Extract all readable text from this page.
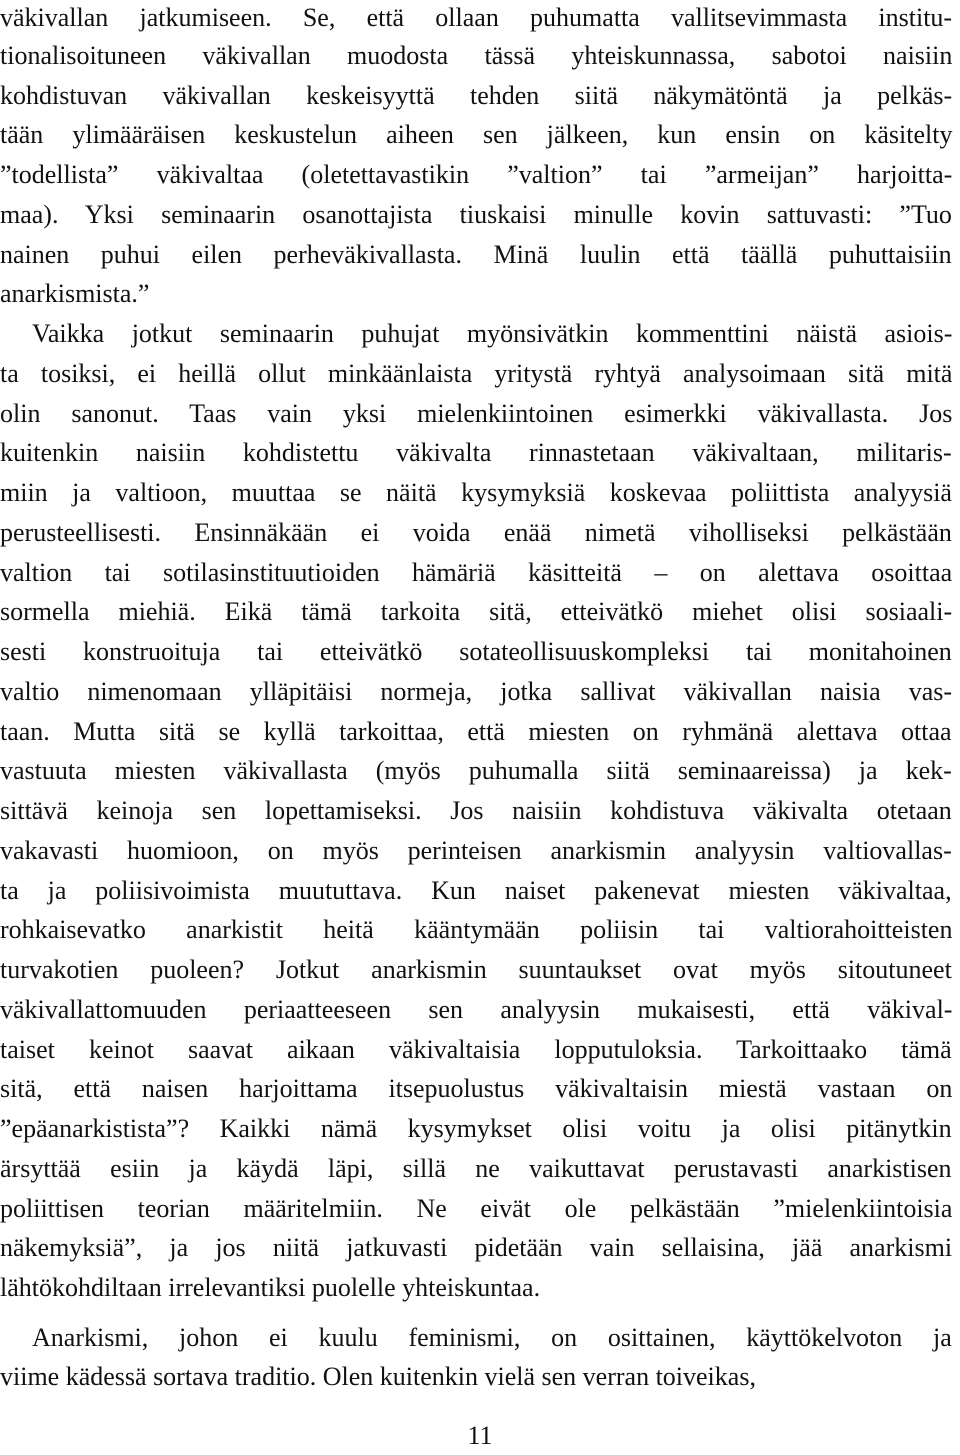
väkivallan jatkumiseen. Se, että ollaan puhumatta vallitsevimmasta institu-
tionalisoituneen väkivallan muodosta tässä yhteiskunnassa, sabotoi naisiin
kohdistuvan väkivallan keskeisyyttä tehden siitä näkymätöntä ja pelkäs-
tään ylimääräisen keskustelun aiheen sen jälkeen, kun ensin on käsitelty
”todellista” väkivaltaa (oletettavastikin ”valtion” tai ”armeijan” harjoitta-
maa). Yksi seminaarin osanottajista tiuskaisi minulle kovin sattuvasti: ”Tuo
nainen puhui eilen perheväkivallasta. Minä luulin että täällä puhuttaisiin
anarkismista.”
Vaikka jotkut seminaarin puhujat myönsivätkin kommenttini näistä asiois-
ta tosiksi, ei heillä ollut minkäänlaista yritystä ryhtyä analysoimaan sitä mitä
olin sanonut. Taas vain yksi mielenkiintoinen esimerkki väkivallasta. Jos
kuitenkin naisiin kohdistettu väkivalta rinnastetaan väkivaltaan, militaris-
miin ja valtioon, muuttaa se näitä kysymyksiä koskevaa poliittista analyysiä
perusteellisesti. Ensinnäkään ei voida enää nimetä viholliseksi pelkästään
valtion tai sotilasinstituutioiden hämäriä käsitteitä – on alettava osoittaa
sormella miehiä. Eikä tämä tarkoita sitä, etteivätkö miehet olisi sosiaali-
sesti konstruoituja tai etteivätkö sotateollisuuskompleksi tai monitahoinen
valtio nimenomaan ylläpitäisi normeja, jotka sallivat väkivallan naisia vas-
taan. Mutta sitä se kyllä tarkoittaa, että miesten on ryhmänä alettava ottaa
vastuuta miesten väkivallasta (myös puhumalla siitä seminaareissa) ja kek-
sittävä keinoja sen lopettamiseksi. Jos naisiin kohdistuva väkivalta otetaan
vakavasti huomioon, on myös perinteisen anarkismin analyysin valtiovallas-
ta ja poliisivoimista muututtava. Kun naiset pakenevat miesten väkivaltaa,
rohkaisevatko anarkistit heitä kääntymään poliisin tai valtiorahoitteisten
turvakotien puoleen? Jotkut anarkismin suuntaukset ovat myös sitoutuneet
väkivallattomuuden periaatteeseen sen analyysin mukaisesti, että väkival-
taiset keinot saavat aikaan väkivaltaisia lopputuloksia. Tarkoittaako tämä
sitä, että naisen harjoittama itsepuolustus väkivaltaisin miestä vastaan on
”epäanarkistista”? Kaikki nämä kysymykset olisi voitu ja olisi pitänytkin
ärsyttää esiin ja käydä läpi, sillä ne vaikuttavat perustavasti anarkistisen
poliittisen teorian määritelmiin. Ne eivät ole pelkästään ”mielenkiintoisia
näkemyksiä”, ja jos niitä jatkuvasti pidetään vain sellaisina, jää anarkismi
lähtökohdiltaan irrelevantiksi puolelle yhteiskuntaa.
Anarkismi, johon ei kuulu feminismi, on osittainen, käyttökelvoton ja
viime kädessä sortava traditio. Olen kuitenkin vielä sen verran toiveikas,
11
